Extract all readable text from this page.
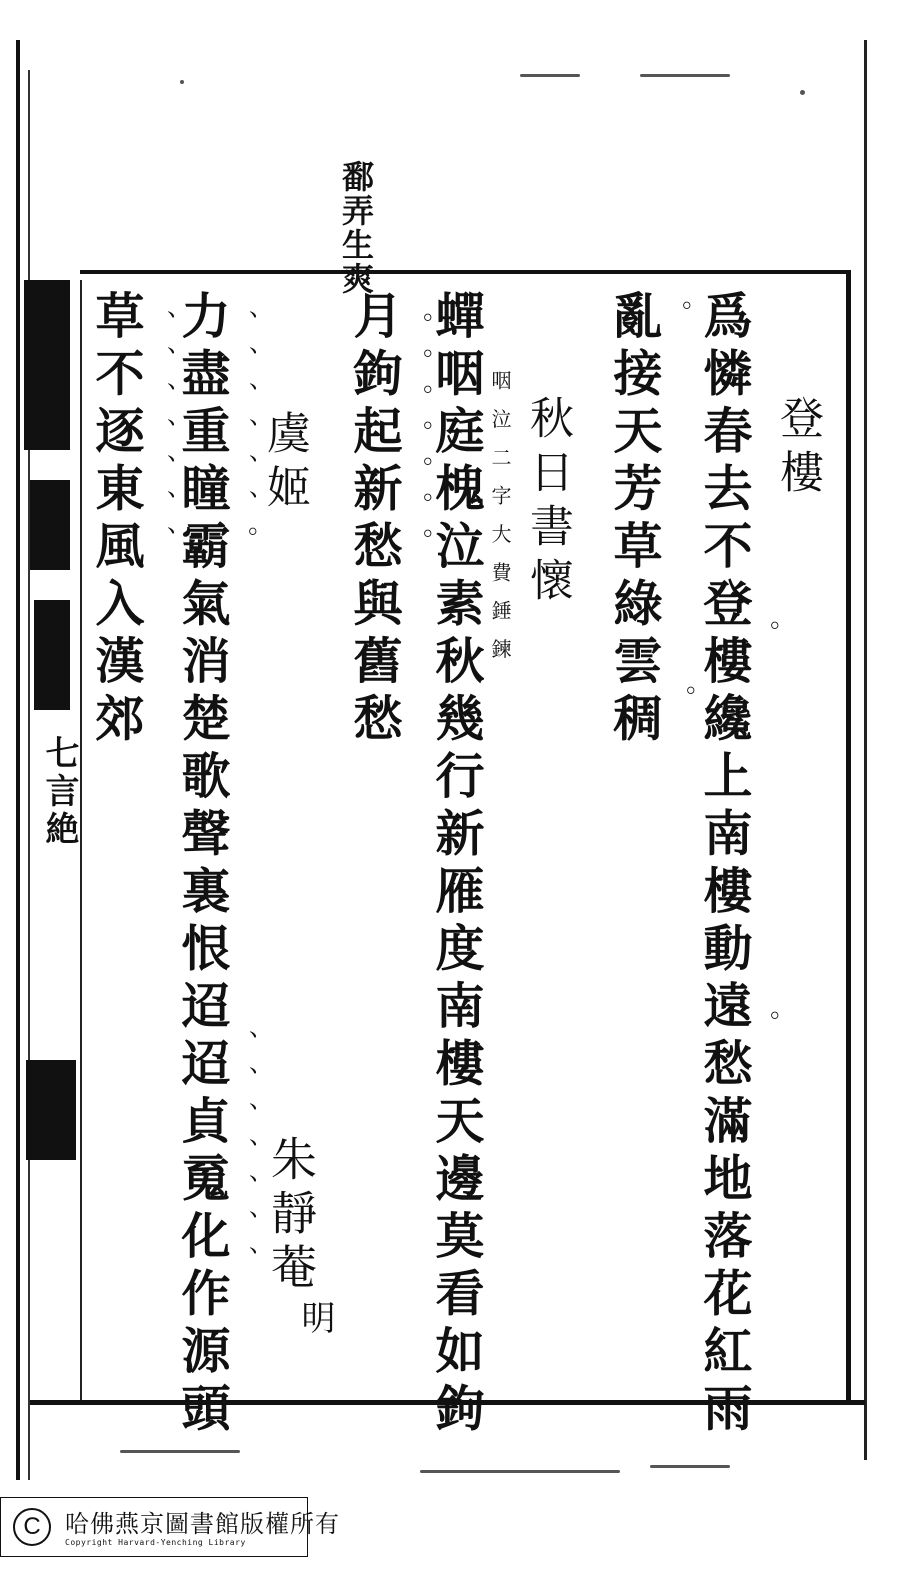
七言絶
鄱弄生爽
登樓
爲憐春去不登樓纔上南樓動遠愁滿地落花紅雨
亂接天芳草綠雲稠
。
。
。
。
秋日書懷
咽 泣 二 字 大 費 錘 鍊
蟬咽庭槐泣素秋幾行新雁度南樓天邊莫看如鉤
月鉤起新愁與舊愁 。。。。。。。
虞姬
朱靜菴
明
力盡重瞳霸氣消楚歌聲裏恨迢迢貞䰟化作源頭
草不逐東風入漢郊	、、、、、、。
、、、、、、、
、、、、、、、
C	哈佛燕京圖書館版權所有
Copyright Harvard-Yenching Library
